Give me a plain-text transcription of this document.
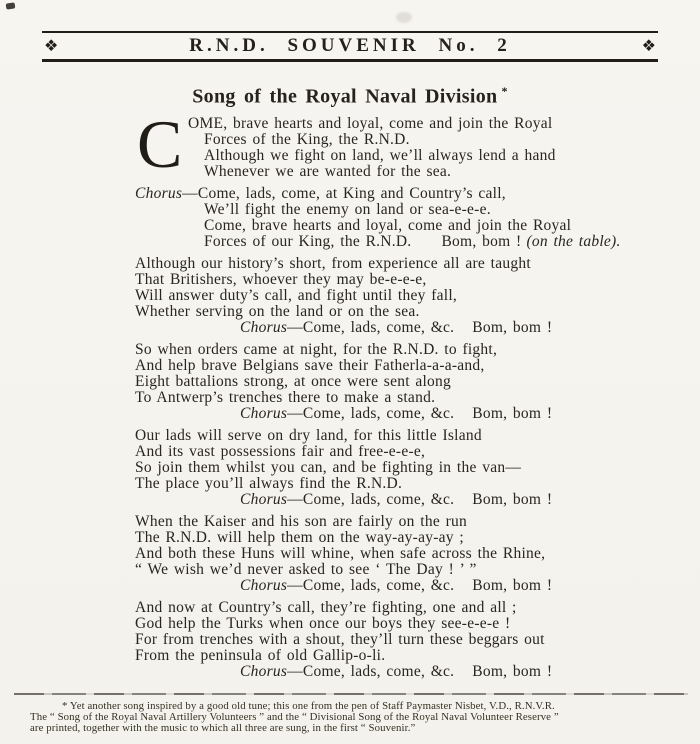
❖	R.N.D. SOUVENIR No. 2	❖
Song of the Royal Naval Division *
C OME, brave hearts and loyal, come and join the Royal
Forces of the King, the R.N.D.
Although we fight on land, we’ll always lend a hand
Whenever we are wanted for the sea.
Chorus—Come, lads, come, at King and Country’s call,
We’ll fight the enemy on land or sea-e-e-e.
Come, brave hearts and loyal, come and join the Royal
Forces of our King, the R.N.D. Bom, bom ! (on the table).
Although our history’s short, from experience all are taught
That Britishers, whoever they may be-e-e-e,
Will answer duty’s call, and fight until they fall,
Whether serving on the land or on the sea.
Chorus—Come, lads, come, &c. Bom, bom !
So when orders came at night, for the R.N.D. to fight,
And help brave Belgians save their Fatherla-a-a-and,
Eight battalions strong, at once were sent along
To Antwerp’s trenches there to make a stand.
Chorus—Come, lads, come, &c. Bom, bom !
Our lads will serve on dry land, for this little Island
And its vast possessions fair and free-e-e-e,
So join them whilst you can, and be fighting in the van—
The place you’ll always find the R.N.D.
Chorus—Come, lads, come, &c. Bom, bom !
When the Kaiser and his son are fairly on the run
The R.N.D. will help them on the way-ay-ay-ay ;
And both these Huns will whine, when safe across the Rhine,
“ We wish we’d never asked to see ‘ The Day ! ’ ”
Chorus—Come, lads, come, &c. Bom, bom !
And now at Country’s call, they’re fighting, one and all ;
God help the Turks when once our boys they see-e-e-e !
For from trenches with a shout, they’ll turn these beggars out
From the peninsula of old Gallip-o-li.
Chorus—Come, lads, come, &c. Bom, bom !
* Yet another song inspired by a good old tune; this one from the pen of Staff Paymaster Nisbet, V.D., R.N.V.R.
The “ Song of the Royal Naval Artillery Volunteers ” and the “ Divisional Song of the Royal Naval Volunteer Reserve ”
are printed, together with the music to which all three are sung, in the first “ Souvenir.”
